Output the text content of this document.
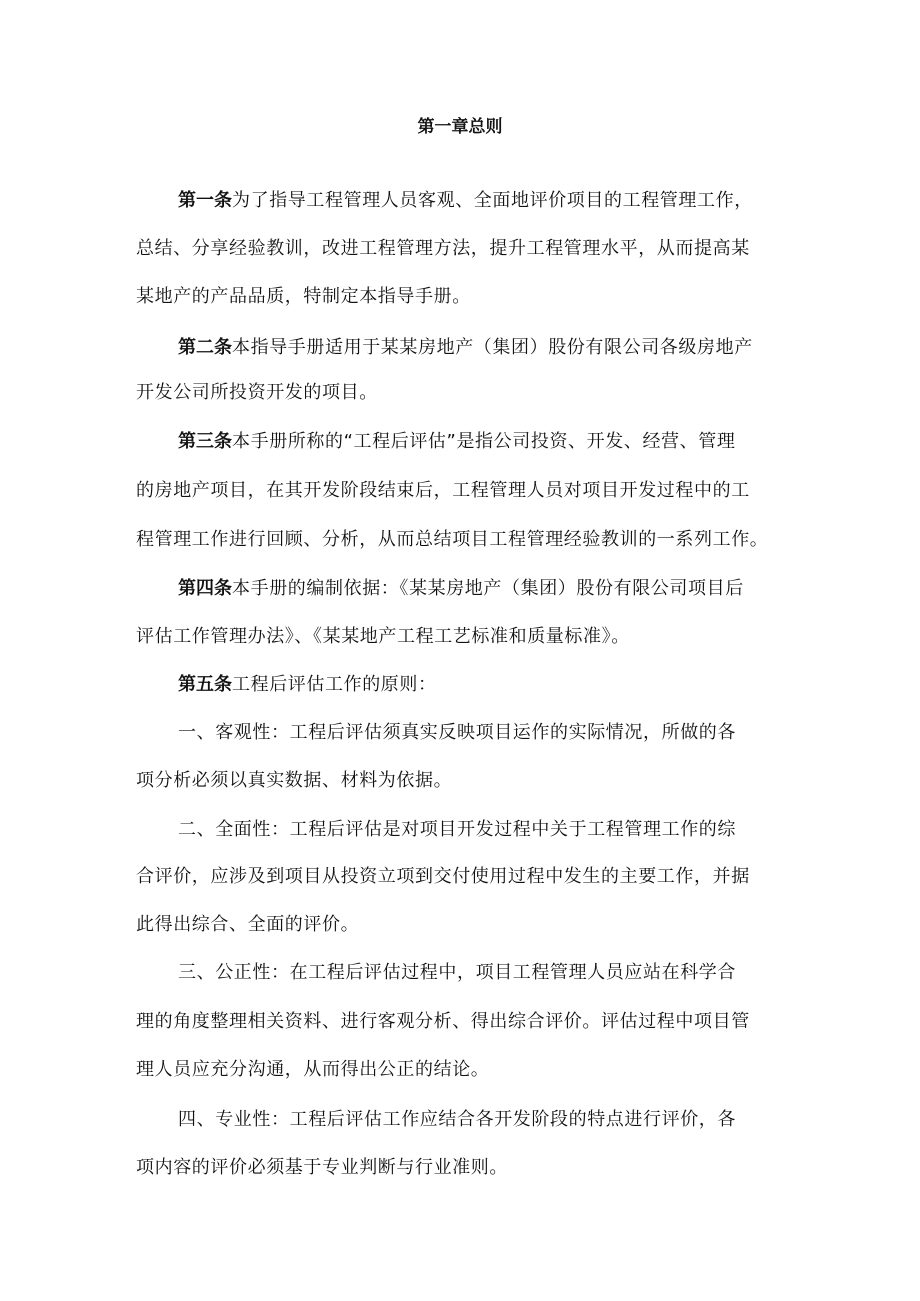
第一章总则
第一条为了指导工程管理人员客观、全面地评价项目的工程管理工作，
总结、分享经验教训，改进工程管理方法，提升工程管理水平，从而提高某
某地产的产品品质，特制定本指导手册。
第二条本指导手册适用于某某房地产（集团）股份有限公司各级房地产
开发公司所投资开发的项目。
第三条本手册所称的“工程后评估”是指公司投资、开发、经营、管理
的房地产项目，在其开发阶段结束后，工程管理人员对项目开发过程中的工
程管理工作进行回顾、分析，从而总结项目工程管理经验教训的一系列工作。
第四条本手册的编制依据：《某某房地产（集团）股份有限公司项目后
评估工作管理办法》、《某某地产工程工艺标准和质量标准》。
第五条工程后评估工作的原则：
一、客观性：工程后评估须真实反映项目运作的实际情况，所做的各
项分析必须以真实数据、材料为依据。
二、全面性：工程后评估是对项目开发过程中关于工程管理工作的综
合评价，应涉及到项目从投资立项到交付使用过程中发生的主要工作，并据
此得出综合、全面的评价。
三、公正性：在工程后评估过程中，项目工程管理人员应站在科学合
理的角度整理相关资料、进行客观分析、得出综合评价。评估过程中项目管
理人员应充分沟通，从而得出公正的结论。
四、专业性：工程后评估工作应结合各开发阶段的特点进行评价，各
项内容的评价必须基于专业判断与行业准则。
